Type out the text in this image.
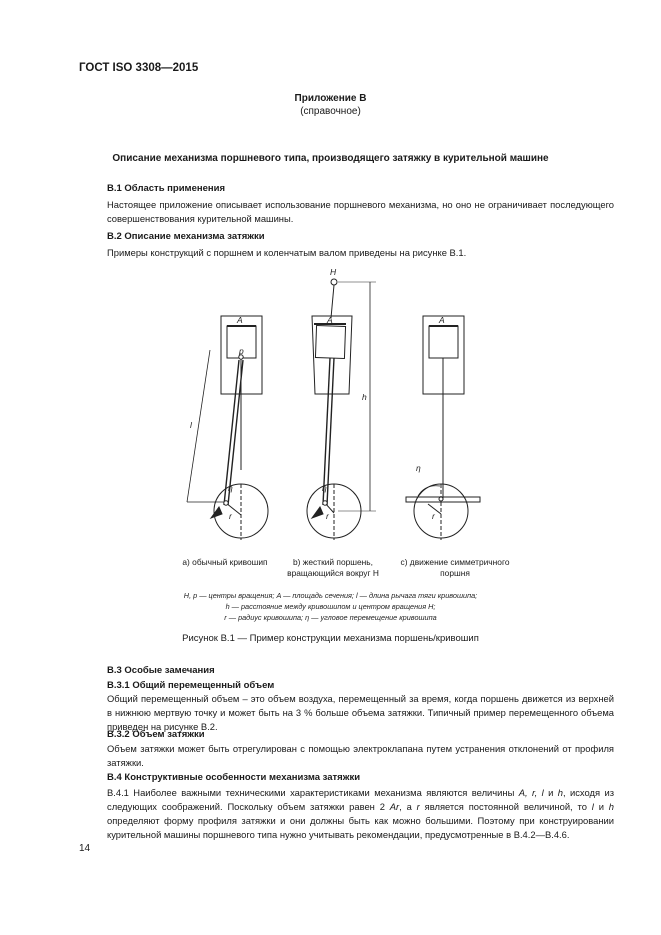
ГОСТ ISO 3308—2015
Приложение В
(справочное)
Описание механизма поршневого типа, производящего затяжку в курительной машине
В.1 Область применения
Настоящее приложение описывает использование поршневого механизма, но оно не ограничивает последующего совершенствования курительной машины.
В.2 Описание механизма затяжки
Примеры конструкций с поршнем и коленчатым валом приведены на рисунке В.1.
A
p
l
η
r
H
A
h
η
r
A
η
r
а) обычный кривошип	b) жесткий поршень,
вращающийся вокруг H
с) движение симметричного
поршня
H, p — центры вращения; A — площадь сечения; l — длина рычага тяги кривошипа;
h — расстояние между кривошипом и центром вращения H;
r — радиус кривошипа; η — угловое перемещение кривошипа
Рисунок В.1 — Пример конструкции механизма поршень/кривошип
В.3 Особые замечания
В.3.1 Общий перемещенный объем
Общий перемещенный объем – это объем воздуха, перемещенный за время, когда поршень движется из верхней в нижнюю мертвую точку и может быть на 3 % больше объема затяжки. Типичный пример перемещенного объема приведен на рисунке В.2.
В.3.2 Объем затяжки
Объем затяжки может быть отрегулирован с помощью электроклапана путем устранения отклонений от профиля затяжки.
В.4 Конструктивные особенности механизма затяжки
В.4.1 Наиболее важными техническими характеристиками механизма являются величины A, r, l и h, исходя из следующих соображений. Поскольку объем затяжки равен 2 Ar, а r является постоянной величиной, то l и h определяют форму профиля затяжки и они должны быть как можно большими. Поэтому при конструировании курительной машины поршневого типа нужно учитывать рекомендации, предусмотренные в В.4.2—В.4.6.
14
